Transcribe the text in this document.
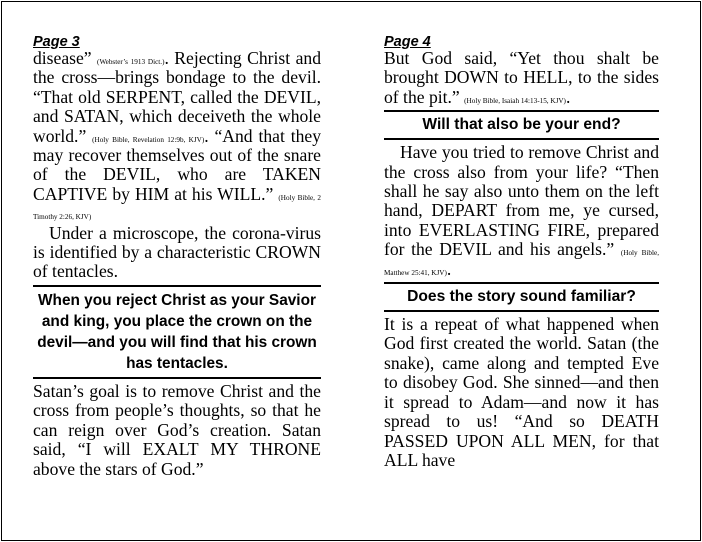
Page 3

disease” (Webster’s 1913 Dict.). Rejecting Christ and the cross—brings bondage to the devil. “That old SERPENT, called the DEVIL, and SATAN, which deceiveth the whole world.” (Holy Bible, Revelation 12:9b, KJV). “And that they may recover themselves out of the snare of the DEVIL, who are TAKEN CAPTIVE by HIM at his WILL.” (Holy Bible, 2 Timothy 2:26, KJV)

Under a microscope, the corona-virus is identified by a characteristic CROWN of tentacles.

When you reject Christ as your Savior and king, you place the crown on the devil—and you will find that his crown has tentacles.

Satan’s goal is to remove Christ and the cross from people’s thoughts, so that he can reign over God’s creation. Satan said, “I will EXALT MY THRONE above the stars of God.”

Page 4

But God said, “Yet thou shalt be brought DOWN to HELL, to the sides of the pit.” (Holy Bible, Isaiah 14:13-15, KJV).

Will that also be your end?

Have you tried to remove Christ and the cross also from your life? “Then shall he say also unto them on the left hand, DEPART from me, ye cursed, into EVERLASTING FIRE, prepared for the DEVIL and his angels.” (Holy Bible, Matthew 25:41, KJV).

Does the story sound familiar?

It is a repeat of what happened when God first created the world. Satan (the snake), came along and tempted Eve to disobey God. She sinned—and then it spread to Adam—and now it has spread to us! “And so DEATH PASSED UPON ALL MEN, for that ALL have
